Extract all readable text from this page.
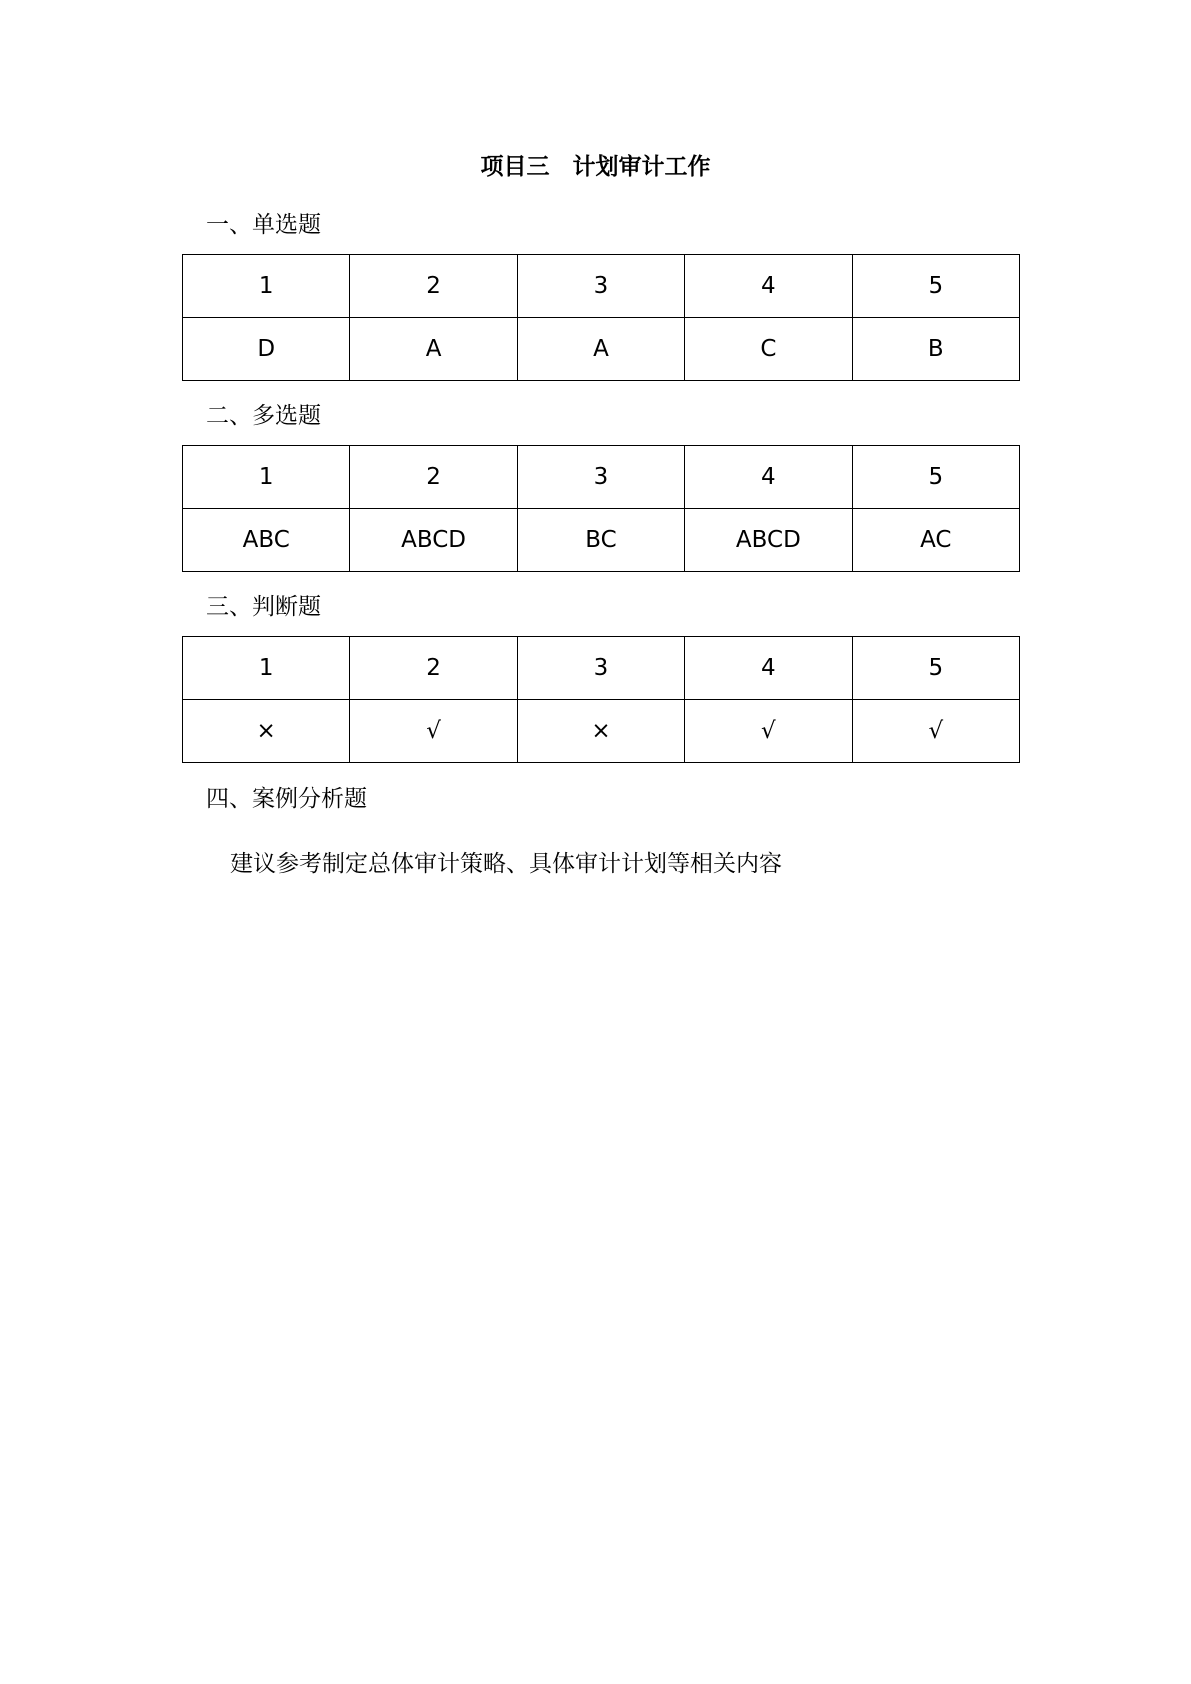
项目三　计划审计工作
一、单选题
1	2	3	4	5
D	A	A	C	B
二、多选题
1	2	3	4	5
ABC	ABCD	BC	ABCD	AC
三、判断题
1	2	3	4	5
×	√	×	√	√
四、案例分析题

建议参考制定总体审计策略、具体审计计划等相关内容
